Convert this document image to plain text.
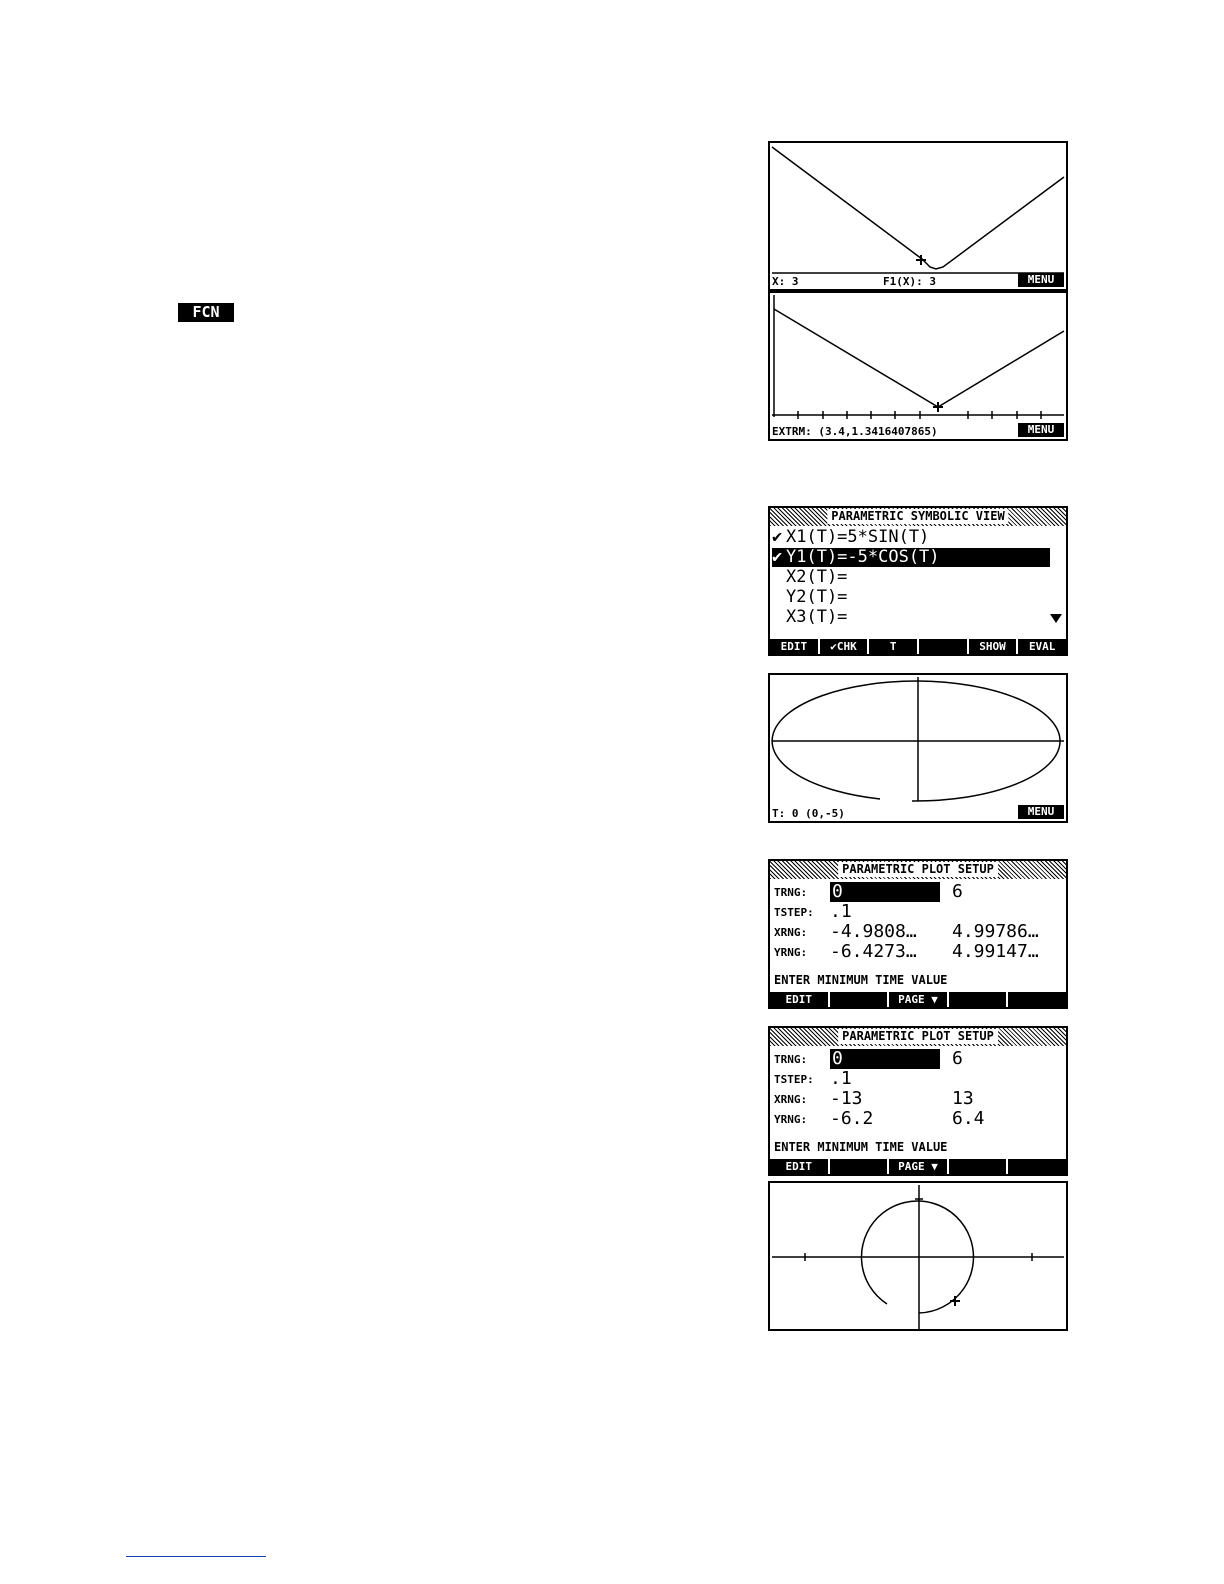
FCN
X: 3	F1(X): 3	MENU
EXTRM: (3.4,1.3416407865)	MENU
PARAMETRIC SYMBOLIC VIEW
✔ X1(T)=5*SIN(T)
✔ Y1(T)=-5*COS(T)
X2(T)=
Y2(T)=
X3(T)=
EDIT	✔CHK	T	SHOW	EVAL
T: 0 (0,-5)	MENU
PARAMETRIC PLOT SETUP
TRNG: 0	6
TSTEP: .1
XRNG: -4.9808… 4.99786…
YRNG: -6.4273… 4.99147…
ENTER MINIMUM TIME VALUE
EDIT	PAGE ▼
PARAMETRIC PLOT SETUP
TRNG: 0	6
TSTEP: .1
XRNG: -13	13
YRNG: -6.2	6.4
ENTER MINIMUM TIME VALUE
EDIT	PAGE ▼
